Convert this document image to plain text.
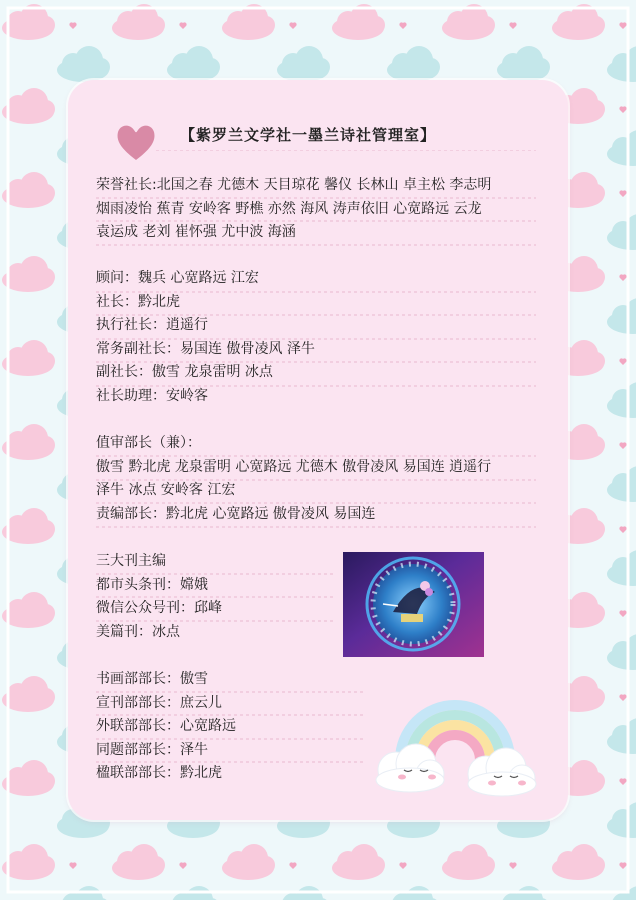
【紫罗兰文学社一墨兰诗社管理室】
荣誉社长:北国之春 尤德木 天目琼花 馨仪 长林山 卓主松 李志明
烟雨凌怡 蕉青 安岭客 野樵 亦然 海风 涛声依旧 心宽路远 云龙
袁运成 老刘 崔怀强 尤中波 海涵
顾问：魏兵 心宽路远 江宏
社长：黔北虎
执行社长：逍遥行
常务副社长：易国连 傲骨凌风 泽牛
副社长：傲雪 龙泉雷明 冰点
社长助理：安岭客
值审部长（兼）：
傲雪 黔北虎 龙泉雷明 心宽路远 尤德木 傲骨凌风 易国连 逍遥行
泽牛 冰点 安岭客 江宏
责编部长：黔北虎 心宽路远 傲骨凌风 易国连
三大刊主编
都市头条刊：嫦娥
微信公众号刊：邱峰
美篇刊：冰点
书画部部长：傲雪
宣刊部部长：庶云儿
外联部部长：心宽路远
同题部部长：泽牛
楹联部部长：黔北虎
